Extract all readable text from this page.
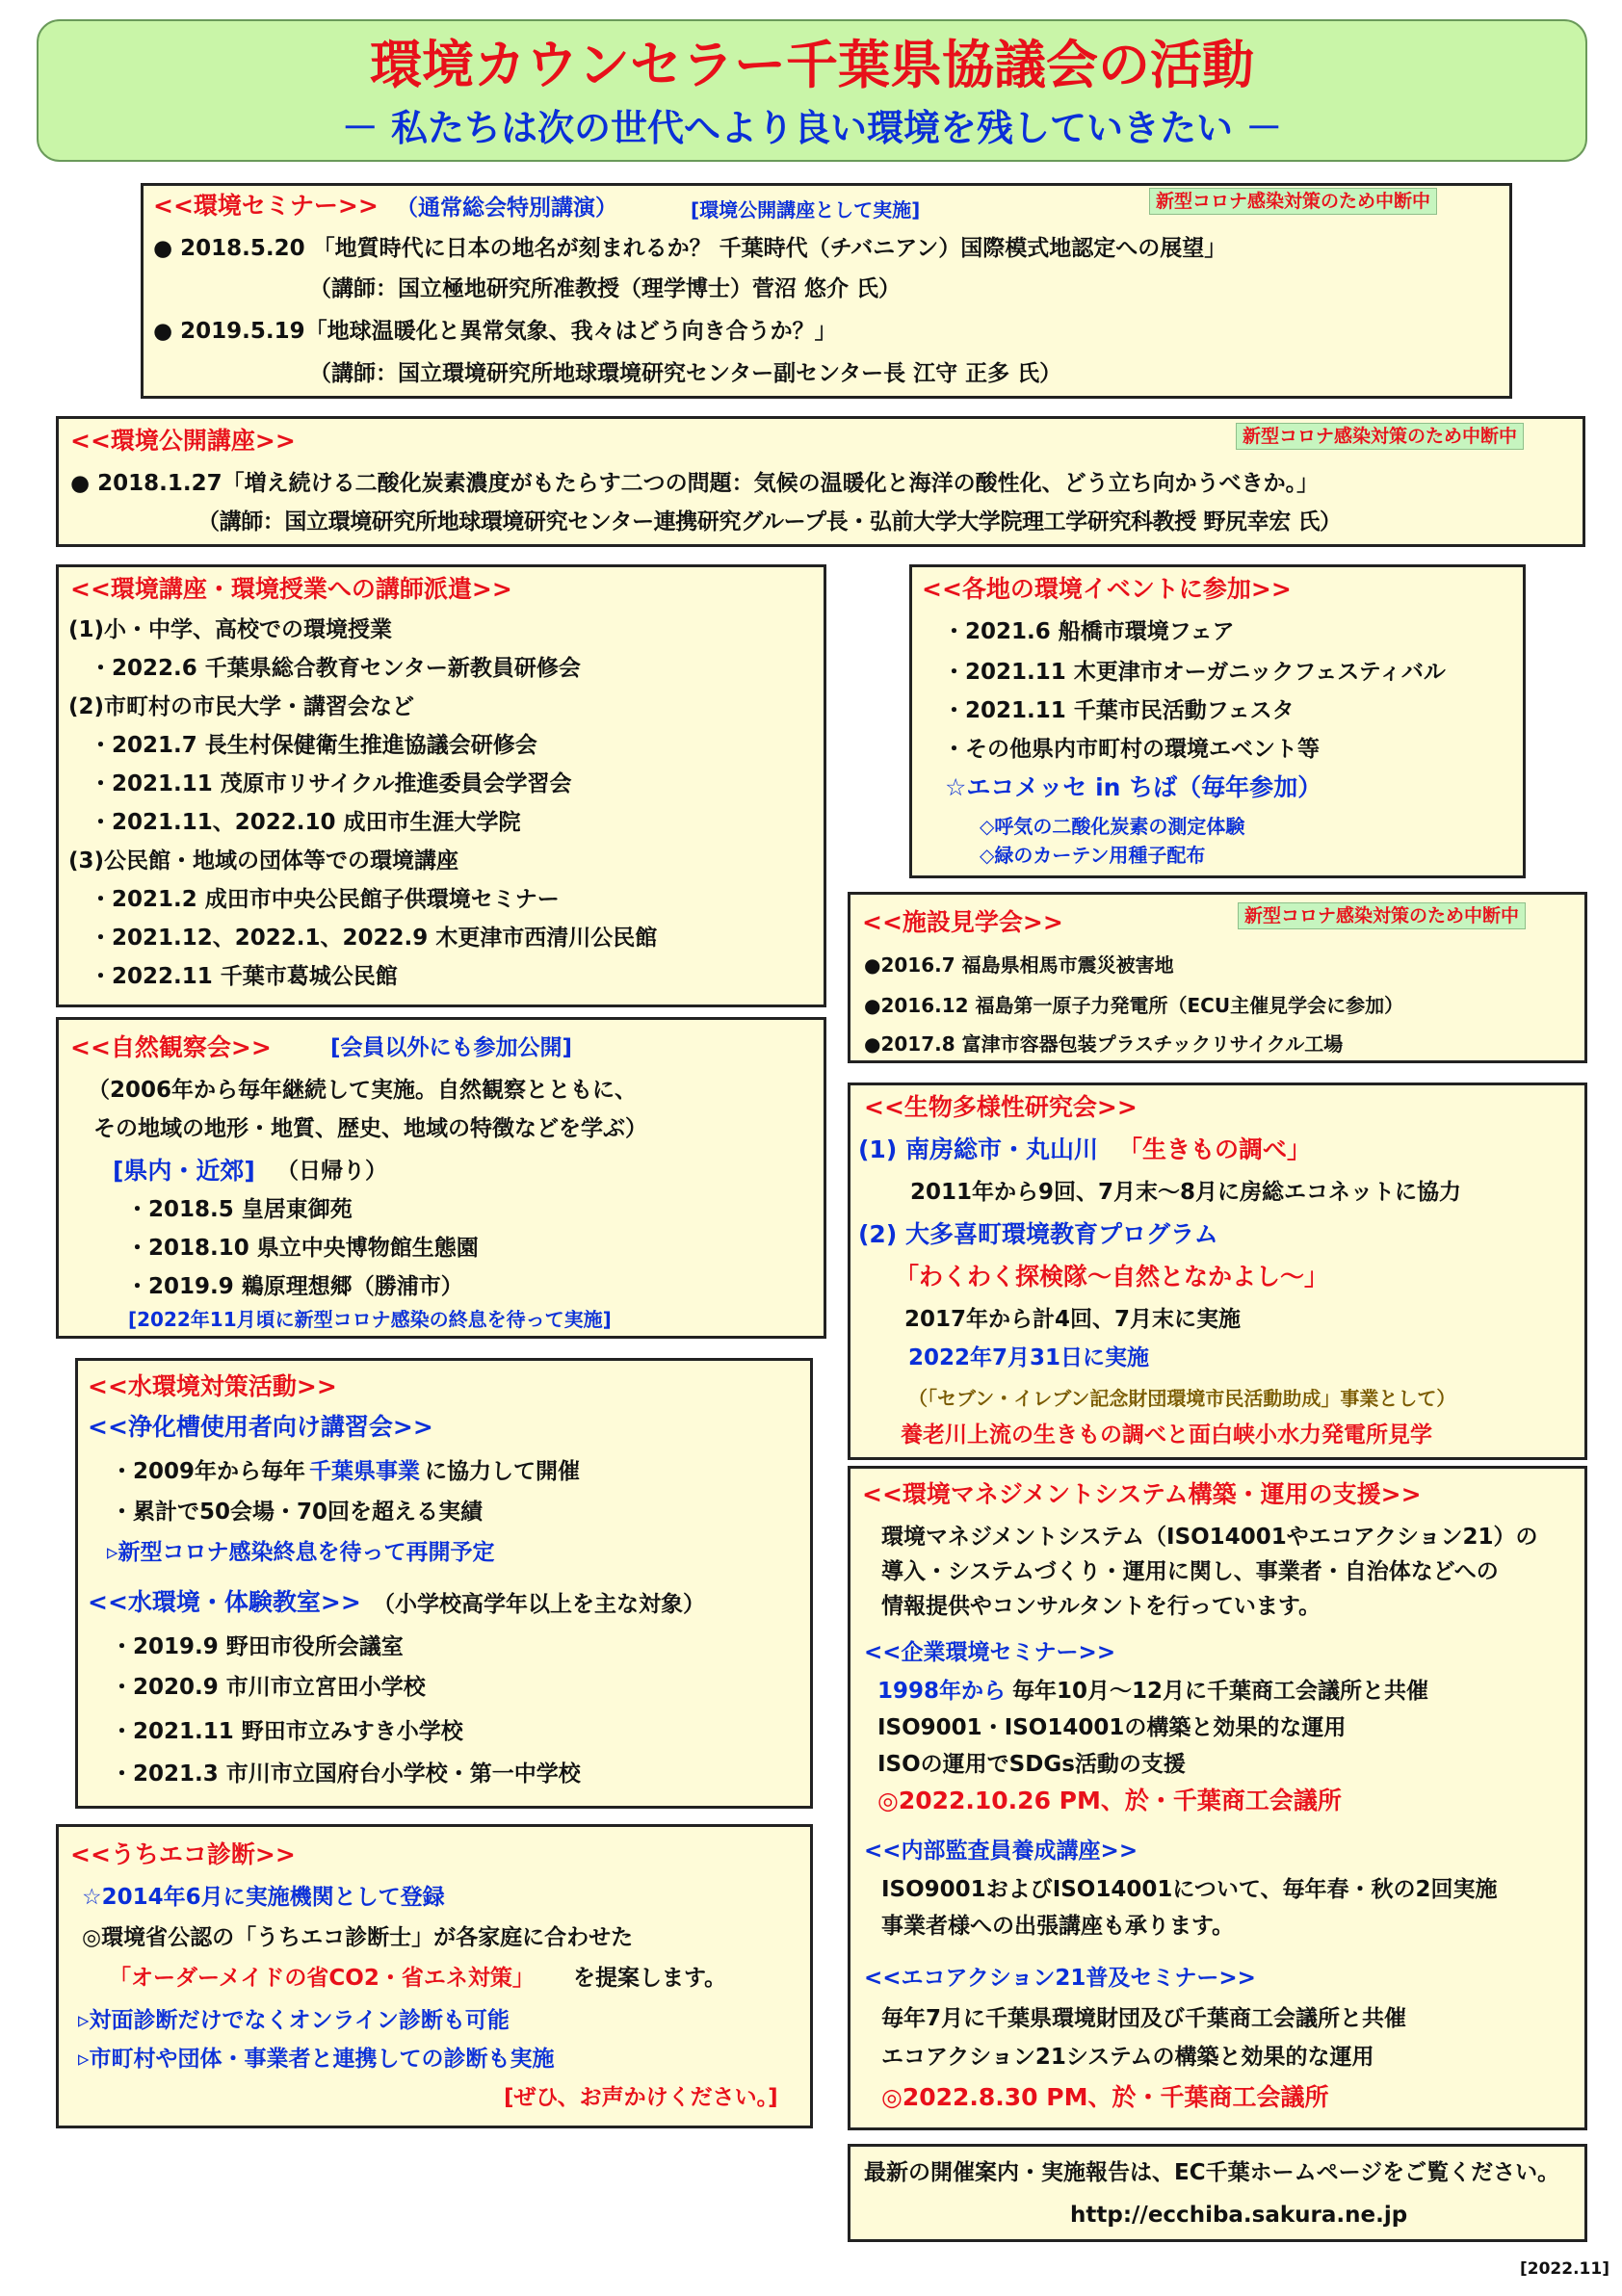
環境カウンセラー千葉県協議会の活動
－ 私たちは次の世代へより良い環境を残していきたい －
<<環境セミナー>> （通常総会特別講演）	[環境公開講座として実施]	新型コロナ感染対策のため中断中
● 2018.5.20 「地質時代に日本の地名が刻まれるか？ 千葉時代（チバニアン）国際模式地認定への展望」
（講師：国立極地研究所准教授（理学博士）菅沼 悠介 氏）
● 2019.5.19「地球温暖化と異常気象、我々はどう向き合うか？」
（講師：国立環境研究所地球環境研究センター副センター長 江守 正多 氏）
<<環境公開講座>>	新型コロナ感染対策のため中断中
● 2018.1.27「増え続ける二酸化炭素濃度がもたらす二つの問題：気候の温暖化と海洋の酸性化、どう立ち向かうべきか。」
（講師：国立環境研究所地球環境研究センター連携研究グループ長・弘前大学大学院理工学研究科教授 野尻幸宏 氏）
<<環境講座・環境授業への講師派遣>>
(1)小・中学、高校での環境授業
・2022.6 千葉県総合教育センター新教員研修会
(2)市町村の市民大学・講習会など
・2021.7 長生村保健衛生推進協議会研修会
・2021.11 茂原市リサイクル推進委員会学習会
・2021.11、2022.10 成田市生涯大学院
(3)公民館・地域の団体等での環境講座
・2021.2 成田市中央公民館子供環境セミナー
・2021.12、2022.1、2022.9 木更津市西清川公民館
・2022.11 千葉市葛城公民館
<<各地の環境イベントに参加>>
・2021.6 船橋市環境フェア
・2021.11 木更津市オーガニックフェスティバル
・2021.11 千葉市民活動フェスタ
・その他県内市町村の環境エベント等
☆エコメッセ in ちば（毎年参加）
◇呼気の二酸化炭素の測定体験
◇緑のカーテン用種子配布
<<施設見学会>>	新型コロナ感染対策のため中断中
●2016.7 福島県相馬市震災被害地
●2016.12 福島第一原子力発電所（ECU主催見学会に参加）
●2017.8 富津市容器包装プラスチックリサイクル工場
<<自然観察会>>	[会員以外にも参加公開]
（2006年から毎年継続して実施。自然観察とともに、
その地域の地形・地質、歴史、地域の特徴などを学ぶ）
[県内・近郊] （日帰り）
・2018.5 皇居東御苑
・2018.10 県立中央博物館生態園
・2019.9 鵜原理想郷（勝浦市）
[2022年11月頃に新型コロナ感染の終息を待って実施]
<<生物多様性研究会>>
(1) 南房総市・丸山川 「生きもの調べ」
2011年から9回、7月末～8月に房総エコネットに協力
(2) 大多喜町環境教育プログラム
「わくわく探検隊～自然となかよし～」
2017年から計4回、7月末に実施
2022年7月31日に実施
（「セブン・イレブン記念財団環境市民活動助成」事業として）
養老川上流の生きもの調べと面白峡小水力発電所見学
<<水環境対策活動>>
<<浄化槽使用者向け講習会>>
・2009年から毎年 千葉県事業 に協力して開催
・累計で50会場・70回を超える実績
▹新型コロナ感染終息を待って再開予定
<<水環境・体験教室>> （小学校高学年以上を主な対象）
・2019.9 野田市役所会議室
・2020.9 市川市立宮田小学校
・2021.11 野田市立みすき小学校
・2021.3 市川市立国府台小学校・第一中学校
<<環境マネジメントシステム構築・運用の支援>>
環境マネジメントシステム（ISO14001やエコアクション21）の
導入・システムづくり・運用に関し、事業者・自治体などへの
情報提供やコンサルタントを行っています。
<<企業環境セミナー>>
1998年から 毎年10月～12月に千葉商工会議所と共催
ISO9001・ISO14001の構築と効果的な運用
ISOの運用でSDGs活動の支援
◎2022.10.26 PM、於・千葉商工会議所
<<内部監査員養成講座>>
ISO9001およびISO14001について、毎年春・秋の2回実施
事業者様への出張講座も承ります。
<<エコアクション21普及セミナー>>
毎年7月に千葉県環境財団及び千葉商工会議所と共催
エコアクション21システムの構築と効果的な運用
◎2022.8.30 PM、於・千葉商工会議所
<<うちエコ診断>>
☆2014年6月に実施機関として登録
◎環境省公認の「うちエコ診断士」が各家庭に合わせた
「オーダーメイドの省CO2・省エネ対策」 を提案します。
▹対面診断だけでなくオンライン診断も可能
▹市町村や団体・事業者と連携しての診断も実施
[ぜひ、お声かけください。]
最新の開催案内・実施報告は、EC千葉ホームページをご覧ください。
http://ecchiba.sakura.ne.jp
[2022.11]
